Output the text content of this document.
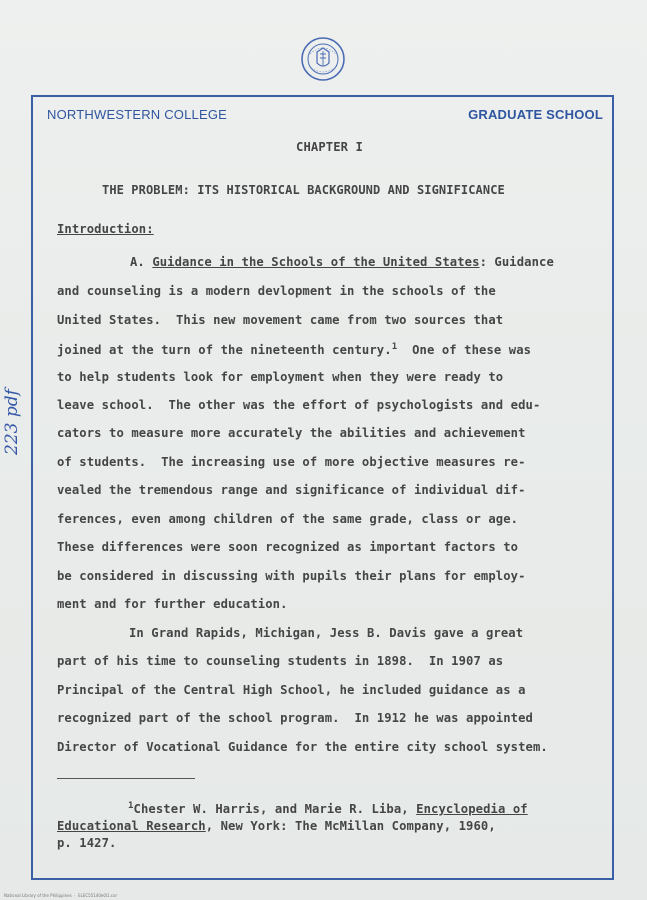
NORTHWESTERN COLLEGE	GRADUATE SCHOOL
223 pdf
CHAPTER I
THE PROBLEM: ITS HISTORICAL BACKGROUND AND SIGNIFICANCE
Introduction:
A. Guidance in the Schools of the United States: Guidance
and counseling is a modern devlopment in the schools of the
United States.  This new movement came from two sources that
joined at the turn of the nineteenth century.$^1$  One of these was
to help students look for employment when they were ready to
leave school.  The other was the effort of psychologists and edu-
cators to measure more accurately the abilities and achievement
of students.  The increasing use of more objective measures re-
vealed the tremendous range and significance of individual dif-
ferences, even among children of the same grade, class or age.
These differences were soon recognized as important factors to
be considered in discussing with pupils their plans for employ-
ment and for further education.
In Grand Rapids, Michigan, Jess B. Davis gave a great
part of his time to counseling students in 1898.  In 1907 as
Principal of the Central High School, he included guidance as a
recognized part of the school program.  In 1912 he was appointed
Director of Vocational Guidance for the entire city school system.
$^1$Chester W. Harris, and Marie R. Liba, Encyclopedia of
Educational Research, New York: The McMillan Company, 1960,
p. 1427.
National Library of the Philippines  ·  ELEC55140e0l1.cor
